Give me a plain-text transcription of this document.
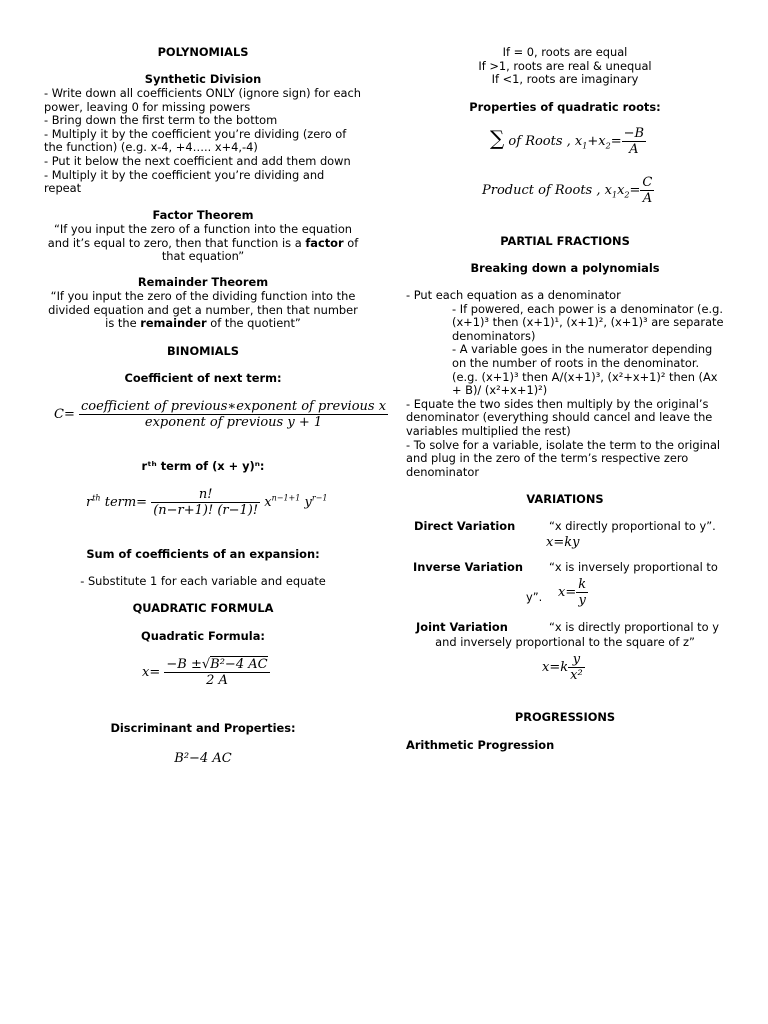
POLYNOMIALS
Synthetic Division
- Write down all coefficients ONLY (ignore sign) for each
power, leaving 0 for missing powers
- Bring down the first term to the bottom
- Multiply it by the coefficient you’re dividing (zero of
the function) (e.g. x-4, +4….. x+4,-4)
- Put it below the next coefficient and add them down
- Multiply it by the coefficient you’re dividing and
repeat
Factor Theorem
“If you input the zero of a function into the equation
and it’s equal to zero, then that function is a factor of
that equation”
Remainder Theorem
“If you input the zero of the dividing function into the
divided equation and get a number, then that number
is the remainder of the quotient”
BINOMIALS
Coefficient of next term:
$C= \frac{\text{coefficient of previous∗exponent of previous x}}{\text{exponent of previous y + 1}}$
rᵗʰ term of (x + y)ⁿ:
$r^{th}$ term= $\frac{n!}{(n-r+1)! (r-1)!} x^{n-1+1}$ $y^{r-1}$
Sum of coefficients of an expansion:
- Substitute 1 for each variable and equate
QUADRATIC FORMULA
Quadratic Formula:
$x= \frac{\text{−B ±√B²−4 AC}}{2 A}$
Discriminant and Properties:
B²−4 AC
If = 0, roots are equal
If >1, roots are real & unequal
If <1, roots are imaginary
Properties of quadratic roots:
∑ of Roots , $x_1+x_2= \frac{-B}{A}$
Product of Roots , $x_1x_2= \frac{C}{A}$
PARTIAL FRACTIONS
Breaking down a polynomials
- Put each equation as a denominator
- If powered, each power is a denominator (e.g.
(x+1)³ then (x+1)¹, (x+1)², (x+1)³ are separate
denominators)
- A variable goes in the numerator depending
on the number of roots in the denominator.
(e.g. (x+1)³ then A/(x+1)³, (x²+x+1)² then (Ax
+ B)/ (x²+x+1)²)
- Equate the two sides then multiply by the original’s
denominator (everything should cancel and leave the
variables multiplied the rest)
- To solve for a variable, isolate the term to the original
and plug in the zero of the term’s respective zero
denominator
VARIATIONS
Direct Variation	“x directly proportional to y”.
x=ky
Inverse Variation “x is inversely proportional to
y”.	$x= \frac{k}{y}$
Joint Variation	“x is directly proportional to y
and inversely proportional to the square of z”
$x=k \frac{y}{\text{x²}}$
PROGRESSIONS
Arithmetic Progression
